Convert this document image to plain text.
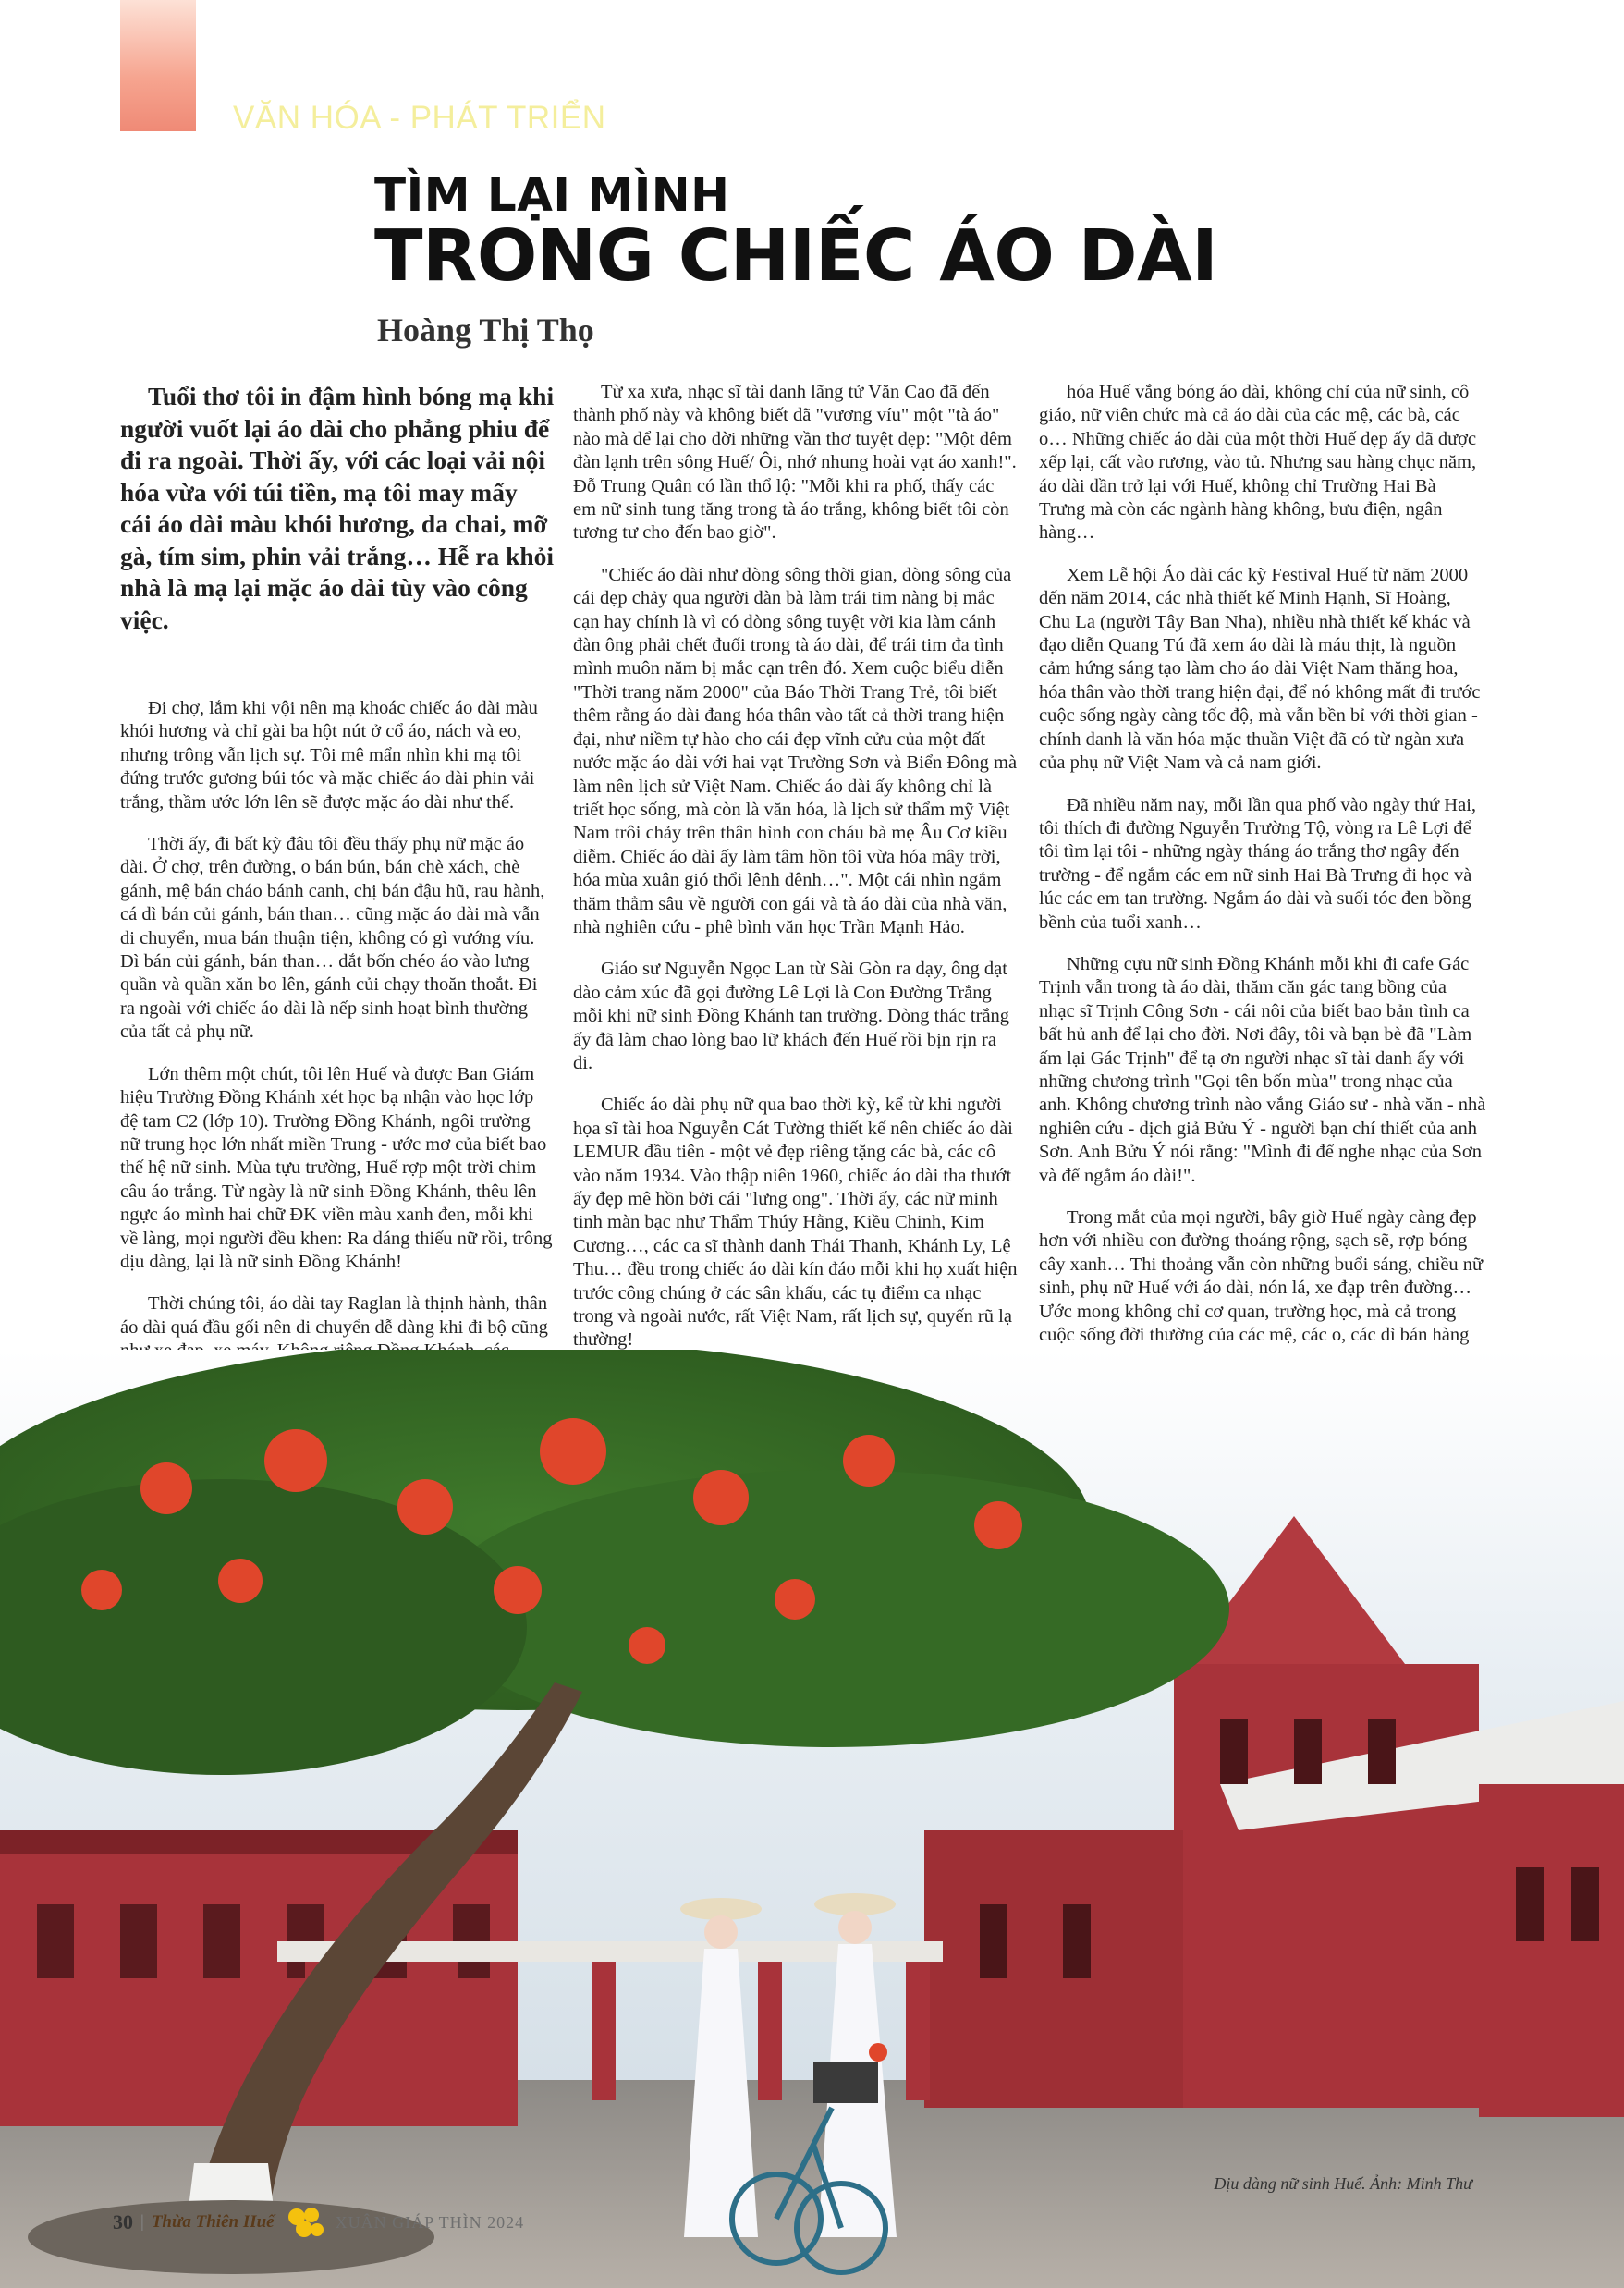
VĂN HÓA - PHÁT TRIỂN
TÌM LẠI MÌNH
TRONG CHIẾC ÁO DÀI
Hoàng Thị Thọ

Tuổi thơ tôi in đậm hình bóng mạ khi người vuốt lại áo dài cho phẳng phiu để đi ra ngoài. Thời ấy, với các loại vải nội hóa vừa với túi tiền, mạ tôi may mấy cái áo dài màu khói hương, da chai, mỡ gà, tím sim, phin vải trắng… Hễ ra khỏi nhà là mạ lại mặc áo dài tùy vào công việc.

Đi chợ, lắm khi vội nên mạ khoác chiếc áo dài màu khói hương và chỉ gài ba hột nút ở cổ áo, nách và eo, nhưng trông vẫn lịch sự. Tôi mê mẩn nhìn khi mạ tôi đứng trước gương búi tóc và mặc chiếc áo dài phin vải trắng, thầm ước lớn lên sẽ được mặc áo dài như thế.

Thời ấy, đi bất kỳ đâu tôi đều thấy phụ nữ mặc áo dài. Ở chợ, trên đường, o bán bún, bán chè xách, chè gánh, mệ bán cháo bánh canh, chị bán đậu hũ, rau hành, cá dì bán củi gánh, bán than… cũng mặc áo dài mà vẫn di chuyển, mua bán thuận tiện, không có gì vướng víu. Dì bán củi gánh, bán than… dắt bốn chéo áo vào lưng quần và quần xăn bo lên, gánh củi chạy thoăn thoắt. Đi ra ngoài với chiếc áo dài là nếp sinh hoạt bình thường của tất cả phụ nữ.

Lớn thêm một chút, tôi lên Huế và được Ban Giám hiệu Trường Đồng Khánh xét học bạ nhận vào học lớp đệ tam C2 (lớp 10). Trường Đồng Khánh, ngôi trường nữ trung học lớn nhất miền Trung - ước mơ của biết bao thế hệ nữ sinh. Mùa tựu trường, Huế rợp một trời chim câu áo trắng. Từ ngày là nữ sinh Đồng Khánh, thêu lên ngực áo mình hai chữ ĐK viền màu xanh đen, mỗi khi về làng, mọi người đều khen: Ra dáng thiếu nữ rồi, trông dịu dàng, lại là nữ sinh Đồng Khánh!

Thời chúng tôi, áo dài tay Raglan là thịnh hành, thân áo dài quá đầu gối nên di chuyển dễ dàng khi đi bộ cũng

Từ xa xưa, nhạc sĩ tài danh lãng tử Văn Cao đã đến thành phố này và không biết đã "vương víu" một "tà áo" nào mà để lại cho đời những vần thơ tuyệt đẹp: "Một đêm đàn lạnh trên sông Huế/ Ôi, nhớ nhung hoài vạt áo xanh!". Đỗ Trung Quân có lần thổ lộ: "Mỗi khi ra phố, thấy các em nữ sinh tung tăng trong tà áo trắng, không biết tôi còn tương tư cho đến bao giờ".

"Chiếc áo dài như dòng sông thời gian, dòng sông của cái đẹp chảy qua người đàn bà làm trái tim nàng bị mắc cạn hay chính là vì có dòng sông tuyệt vời kia làm cánh đàn ông phải chết đuối trong tà áo dài, để trái tim đa tình mình muôn năm bị mắc cạn trên đó. Xem cuộc biểu diễn "Thời trang năm 2000" của Báo Thời Trang Trẻ, tôi biết thêm rằng áo dài đang hóa thân vào tất cả thời trang hiện đại, như niềm tự hào cho cái đẹp vĩnh cửu của một đất nước mặc áo dài với hai vạt Trường Sơn và Biển Đông mà làm nên lịch sử Việt Nam. Chiếc áo dài ấy không chỉ là triết học sống, mà còn là văn hóa, là lịch sử thẩm mỹ Việt Nam trôi chảy trên thân hình con cháu bà mẹ Âu Cơ kiều diễm. Chiếc áo dài ấy làm tâm hồn tôi vừa hóa mây trời, hóa mùa xuân gió thổi lênh đênh…". Một cái nhìn ngắm thăm thẳm sâu về người con gái và tà áo dài của nhà văn, nhà nghiên cứu - phê bình văn học Trần Mạnh Hảo.

Giáo sư Nguyễn Ngọc Lan từ Sài Gòn ra dạy, ông dạt dào cảm xúc đã gọi đường Lê Lợi là Con Đường Trắng mỗi khi nữ sinh Đồng Khánh tan trường. Dòng thác trắng ấy đã làm chao lòng bao lữ khách đến Huế rồi bịn rịn ra đi.

Chiếc áo dài phụ nữ qua bao thời kỳ, kể từ khi người họa sĩ tài hoa Nguyễn Cát Tường thiết kế nên chiếc áo dài LEMUR đầu tiên - một vẻ đẹp riêng tặng các bà, các cô vào năm 1934. Vào thập niên 1960, chiếc áo dài tha thướt ấy đẹp mê hồn bởi cái "lưng ong". Thời ấy, các nữ minh tinh màn bạc như Thẩm Thúy Hằng, Kiều Chinh, Kim Cương…, các ca sĩ thành danh Thái Thanh, Khánh Ly, Lệ Thu… đều trong chiếc áo dài kín đáo mỗi khi họ xuất hiện trước công chúng ở các sân khấu, các tụ điểm ca nhạc trong và ngoài nước, rất Việt Nam, rất lịch sự, quyến rũ lạ thường!

hóa Huế vắng bóng áo dài, không chỉ của nữ sinh, cô giáo, nữ viên chức mà cả áo dài của các mệ, các bà, các o… Những chiếc áo dài của một thời Huế đẹp ấy đã được xếp lại, cất vào rương, vào tủ. Nhưng sau hàng chục năm, áo dài dần trở lại với Huế, không chỉ Trường Hai Bà Trưng mà còn các ngành hàng không, bưu điện, ngân hàng…

Xem Lễ hội Áo dài các kỳ Festival Huế từ năm 2000 đến năm 2014, các nhà thiết kế Minh Hạnh, Sĩ Hoàng, Chu La (người Tây Ban Nha), nhiều nhà thiết kế khác và đạo diễn Quang Tú đã xem áo dài là máu thịt, là nguồn cảm hứng sáng tạo làm cho áo dài Việt Nam thăng hoa, hóa thân vào thời trang hiện đại, để nó không mất đi trước cuộc sống ngày càng tốc độ, mà vẫn bền bỉ với thời gian - chính danh là văn hóa mặc thuần Việt đã có từ ngàn xưa của phụ nữ Việt Nam và cả nam giới.

Đã nhiều năm nay, mỗi lần qua phố vào ngày thứ Hai, tôi thích đi đường Nguyễn Trường Tộ, vòng ra Lê Lợi để tôi tìm lại tôi - những ngày tháng áo trắng thơ ngây đến trường - để ngắm các em nữ sinh Hai Bà Trưng đi học và lúc các em tan trường. Ngắm áo dài và suối tóc đen bồng bềnh của tuổi xanh…

Những cựu nữ sinh Đồng Khánh mỗi khi đi cafe Gác Trịnh vẫn trong tà áo dài, thăm căn gác tang bồng của nhạc sĩ Trịnh Công Sơn - cái nôi của biết bao bản tình ca bất hủ anh để lại cho đời. Nơi đây, tôi và bạn bè đã "Làm ấm lại Gác Trịnh" để tạ ơn người nhạc sĩ tài danh ấy với những chương trình "Gọi tên bốn mùa" trong nhạc của anh. Không chương trình nào vắng Giáo sư - nhà văn - nhà nghiên cứu - dịch giả Bửu Ý - người bạn chí thiết của anh Sơn. Anh Bửu Ý nói rằng: "Mình đi để nghe nhạc của Sơn và để ngắm áo dài!".

Trong mắt của mọi người, bây giờ Huế ngày càng đẹp hơn với nhiều con đường thoáng rộng, sạch sẽ, rợp bóng cây xanh… Thi thoảng vẫn còn những buổi sáng, chiều nữ sinh, phụ nữ Huế với áo dài, nón lá, xe đạp trên đường… Ước mong không chỉ cơ quan, trường học, mà cả trong cuộc sống đời thường của các mệ, các o, các dì bán hàng

Dịu dàng nữ sinh Huế. Ảnh: Minh Thư
30 | Thừa Thiên Huế	XUÂN GIÁP THÌN 2024
